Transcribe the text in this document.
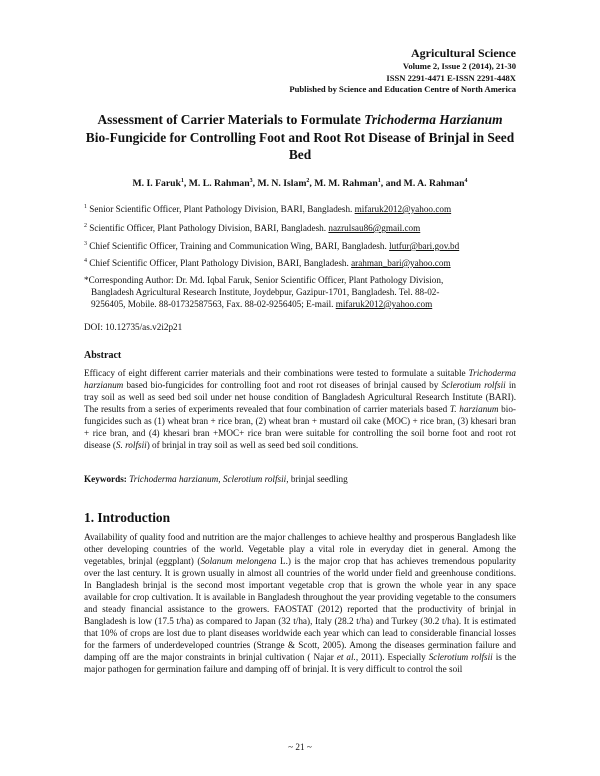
Agricultural Science
Volume 2, Issue 2 (2014), 21-30
ISSN 2291-4471 E-ISSN 2291-448X
Published by Science and Education Centre of North America
Assessment of Carrier Materials to Formulate Trichoderma Harzianum Bio-Fungicide for Controlling Foot and Root Rot Disease of Brinjal in Seed Bed
M. I. Faruk$^1$, M. L. Rahman$^3$, M. N. Islam$^2$, M. M. Rahman$^1$, and M. A. Rahman$^4$
$^1$ Senior Scientific Officer, Plant Pathology Division, BARI, Bangladesh. mifaruk2012@yahoo.com
$^2$ Scientific Officer, Plant Pathology Division, BARI, Bangladesh. nazrulsau86@gmail.com
$^3$ Chief Scientific Officer, Training and Communication Wing, BARI, Bangladesh. lutfur@bari.gov.bd
$^4$ Chief Scientific Officer, Plant Pathology Division, BARI, Bangladesh. arahman_bari@yahoo.com
*Corresponding Author: Dr. Md. Iqbal Faruk, Senior Scientific Officer, Plant Pathology Division,
Bangladesh Agricultural Research Institute, Joydebpur, Gazipur-1701, Bangladesh. Tel. 88-02-
9256405, Mobile. 88-01732587563, Fax. 88-02-9256405; E-mail. mifaruk2012@yahoo.com
DOI: 10.12735/as.v2i2p21
Abstract
Efficacy of eight different carrier materials and their combinations were tested to formulate a suitable Trichoderma harzianum based bio-fungicides for controlling foot and root rot diseases of brinjal caused by Sclerotium rolfsii in tray soil as well as seed bed soil under net house condition of Bangladesh Agricultural Research Institute (BARI). The results from a series of experiments revealed that four combination of carrier materials based T. harzianum bio-fungicides such as (1) wheat bran + rice bran, (2) wheat bran + mustard oil cake (MOC) + rice bran, (3) khesari bran + rice bran, and (4) khesari bran +MOC+ rice bran were suitable for controlling the soil borne foot and root rot disease (S. rolfsii) of brinjal in tray soil as well as seed bed soil conditions.
Keywords: Trichoderma harzianum, Sclerotium rolfsii, brinjal seedling
1. Introduction
Availability of quality food and nutrition are the major challenges to achieve healthy and prosperous Bangladesh like other developing countries of the world. Vegetable play a vital role in everyday diet in general. Among the vegetables, brinjal (eggplant) (Solanum melongena L.) is the major crop that has achieves tremendous popularity over the last century. It is grown usually in almost all countries of the world under field and greenhouse conditions. In Bangladesh brinjal is the second most important vegetable crop that is grown the whole year in any space available for crop cultivation. It is available in Bangladesh throughout the year providing vegetable to the consumers and steady financial assistance to the growers. FAOSTAT (2012) reported that the productivity of brinjal in Bangladesh is low (17.5 t/ha) as compared to Japan (32 t/ha), Italy (28.2 t/ha) and Turkey (30.2 t/ha). It is estimated that 10% of crops are lost due to plant diseases worldwide each year which can lead to considerable financial losses for the farmers of underdeveloped countries (Strange & Scott, 2005). Among the diseases germination failure and damping off are the major constraints in brinjal cultivation ( Najar et al., 2011). Especially Sclerotium rolfsii is the major pathogen for germination failure and damping off of brinjal. It is very difficult to control the soil
~ 21 ~
